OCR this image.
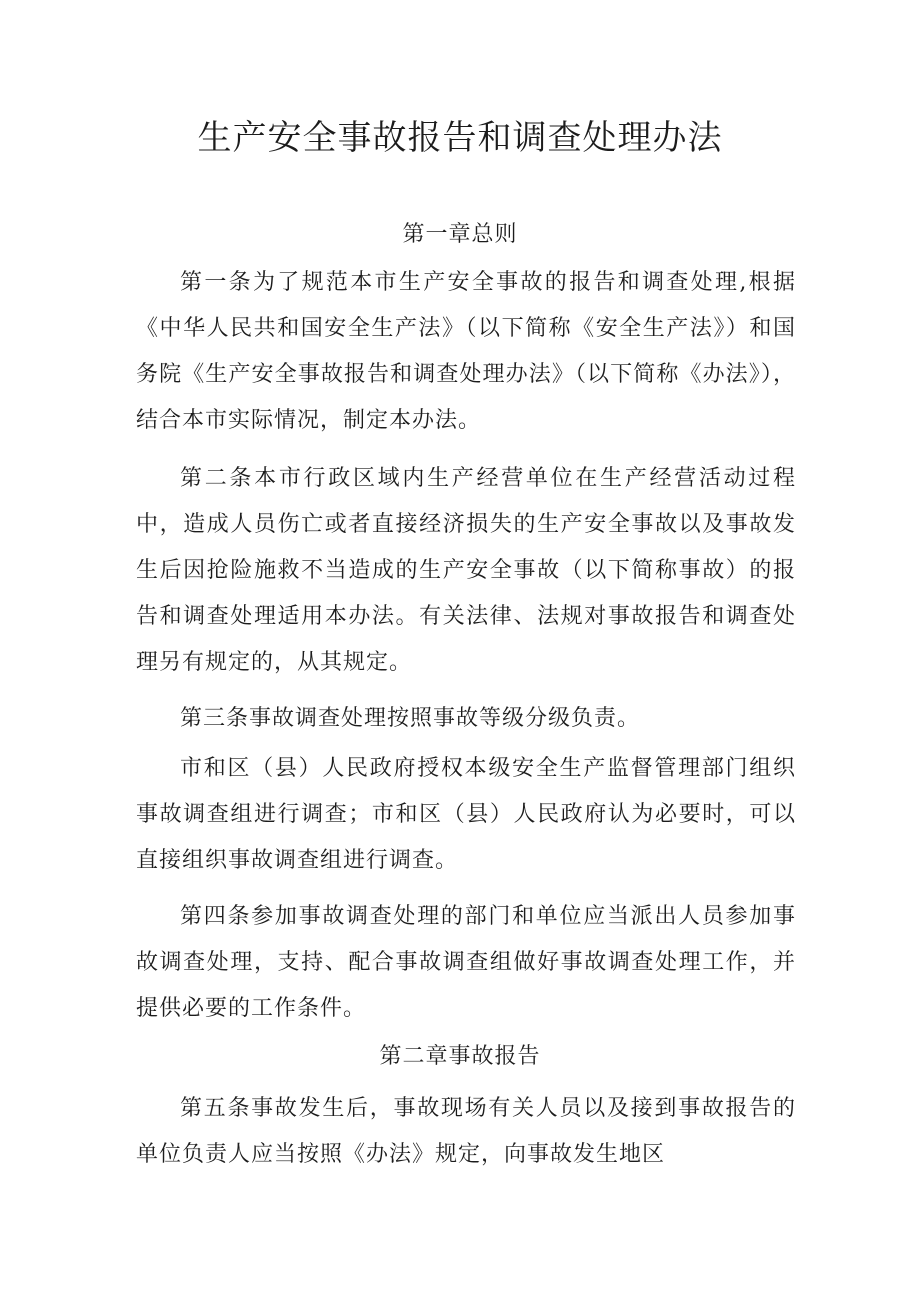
生产安全事故报告和调查处理办法
第一章总则

第一条为了规范本市生产安全事故的报告和调查处理,根据《中华人民共和国安全生产法》（以下简称《安全生产法》）和国务院《生产安全事故报告和调查处理办法》（以下简称《办法》），结合本市实际情况，制定本办法。

第二条本市行政区域内生产经营单位在生产经营活动过程中，造成人员伤亡或者直接经济损失的生产安全事故以及事故发生后因抢险施救不当造成的生产安全事故（以下简称事故）的报告和调查处理适用本办法。有关法律、法规对事故报告和调查处理另有规定的，从其规定。

第三条事故调查处理按照事故等级分级负责。

市和区（县）人民政府授权本级安全生产监督管理部门组织事故调查组进行调查；市和区（县）人民政府认为必要时，可以直接组织事故调查组进行调查。

第四条参加事故调查处理的部门和单位应当派出人员参加事故调查处理，支持、配合事故调查组做好事故调查处理工作，并提供必要的工作条件。

第二章事故报告

第五条事故发生后，事故现场有关人员以及接到事故报告的单位负责人应当按照《办法》规定，向事故发生地区
